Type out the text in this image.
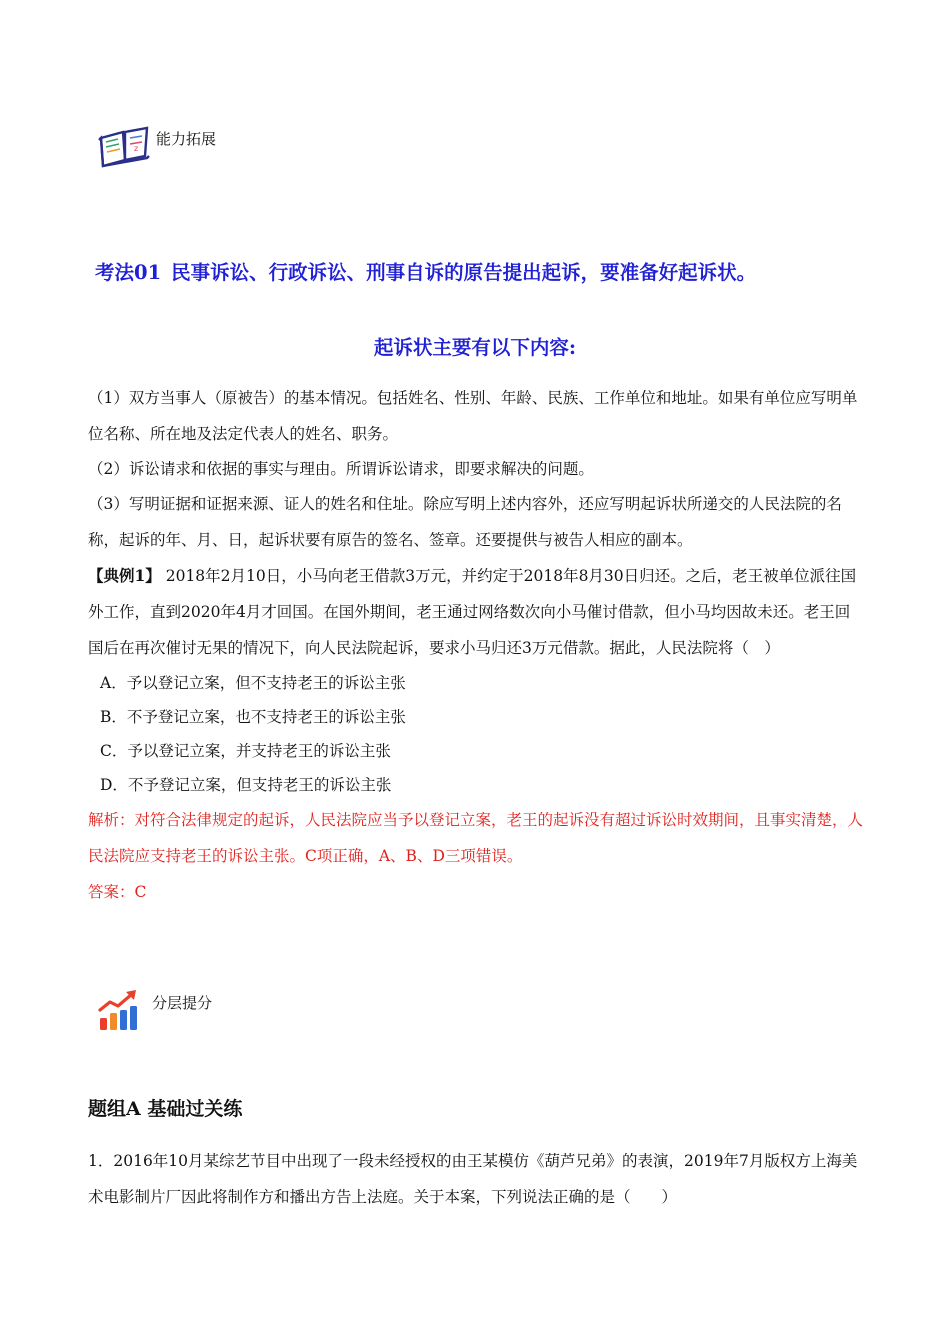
z
能力拓展
考法01 民事诉讼、行政诉讼、刑事自诉的原告提出起诉，要准备好起诉状。
起诉状主要有以下内容:

（1）双方当事人（原被告）的基本情况。包括姓名、性别、年龄、民族、工作单位和地址。如果有单位应写明单位名称、所在地及法定代表人的姓名、职务。

（2）诉讼请求和依据的事实与理由。所谓诉讼请求，即要求解决的问题。

（3）写明证据和证据来源、证人的姓名和住址。除应写明上述内容外，还应写明起诉状所递交的人民法院的名称，起诉的年、月、日，起诉状要有原告的签名、签章。还要提供与被告人相应的副本。

【典例1】 2018年2月10日，小马向老王借款3万元，并约定于2018年8月30日归还。之后，老王被单位派往国外工作，直到2020年4月才回国。在国外期间，老王通过网络数次向小马催讨借款，但小马均因故未还。老王回国后在再次催讨无果的情况下，向人民法院起诉，要求小马归还3万元借款。据此，人民法院将（　）

A．予以登记立案，但不支持老王的诉讼主张

B．不予登记立案，也不支持老王的诉讼主张

C．予以登记立案，并支持老王的诉讼主张

D．不予登记立案，但支持老王的诉讼主张

解析：对符合法律规定的起诉，人民法院应当予以登记立案，老王的起诉没有超过诉讼时效期间，且事实清楚，人民法院应支持老王的诉讼主张。C项正确，A、B、D三项错误。

答案：C

分层提分
题组A 基础过关练

1．2016年10月某综艺节目中出现了一段未经授权的由王某模仿《葫芦兄弟》的表演，2019年7月版权方上海美术电影制片厂因此将制作方和播出方告上法庭。关于本案，下列说法正确的是（　　）
